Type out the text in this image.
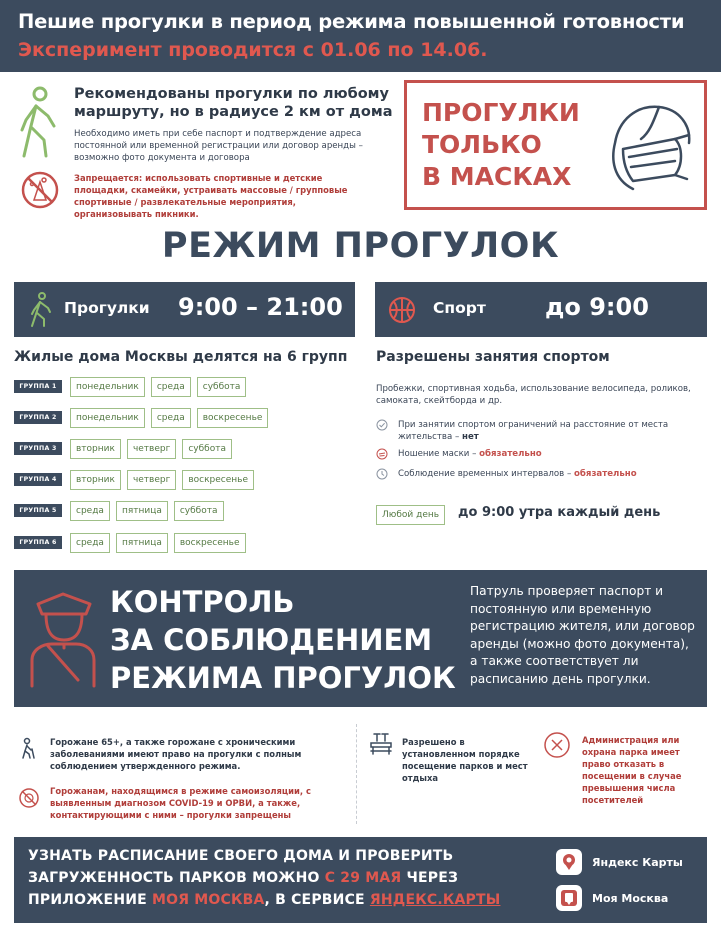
Пешие прогулки в период режима повышенной готовности
Эксперимент проводится с 01.06 по 14.06.
Рекомендованы прогулки по любому маршруту, но в радиусе 2 км от дома
Необходимо иметь при себе паспорт и подтверждение адреса постоянной или временной регистрации или договор аренды – возможно фото документа и договора
Запрещается: использовать спортивные и детские площадки, скамейки, устраивать массовые / групповые спортивные / развлекательные мероприятия, организовывать пикники.
ПРОГУЛКИ
ТОЛЬКО
В МАСКАХ
РЕЖИМ ПРОГУЛОК
Прогулки 9:00 – 21:00	Спорт до 9:00
Жилые дома Москвы делятся на 6 групп
ГРУППА 1	понедельник	среда	суббота
ГРУППА 2	понедельник	среда	воскресенье
ГРУППА 3	вторник	четверг	суббота
ГРУППА 4	вторник	четверг	воскресенье
ГРУППА 5	среда	пятница	суббота
ГРУППА 6	среда	пятница	воскресенье
Разрешены занятия спортом
Пробежки, спортивная ходьба, использование велосипеда, роликов, самоката, скейтборда и др.
При занятии спортом ограничений на расстояние от места жительства – нет
Ношение маски – обязательно
Соблюдение временных интервалов – обязательно
Любой день	до 9:00 утра каждый день
КОНТРОЛЬ
ЗА СОБЛЮДЕНИЕМ
РЕЖИМА ПРОГУЛОК
Патруль проверяет паспорт и постоянную или временную регистрацию жителя, или договор аренды (можно фото документа), а также соответствует ли расписанию день прогулки.
Горожане 65+, а также горожане с хроническими заболеваниями имеют право на прогулки с полным соблюдением утвержденного режима.
Горожанам, находящимся в режиме самоизоляции, с выявленным диагнозом COVID-19 и ОРВИ, а также, контактирующими с ними – прогулки запрещены
Разрешено в установленном порядке посещение парков и мест отдыха
Администрация или охрана парка имеет право отказать в посещении в случае превышения числа посетителей
УЗНАТЬ РАСПИСАНИЕ СВОЕГО ДОМА И ПРОВЕРИТЬ ЗАГРУЖЕННОСТЬ ПАРКОВ МОЖНО С 29 МАЯ ЧЕРЕЗ ПРИЛОЖЕНИЕ МОЯ МОСКВА, В СЕРВИСЕ ЯНДЕКС.КАРТЫ
Яндекс Карты
Моя Москва
